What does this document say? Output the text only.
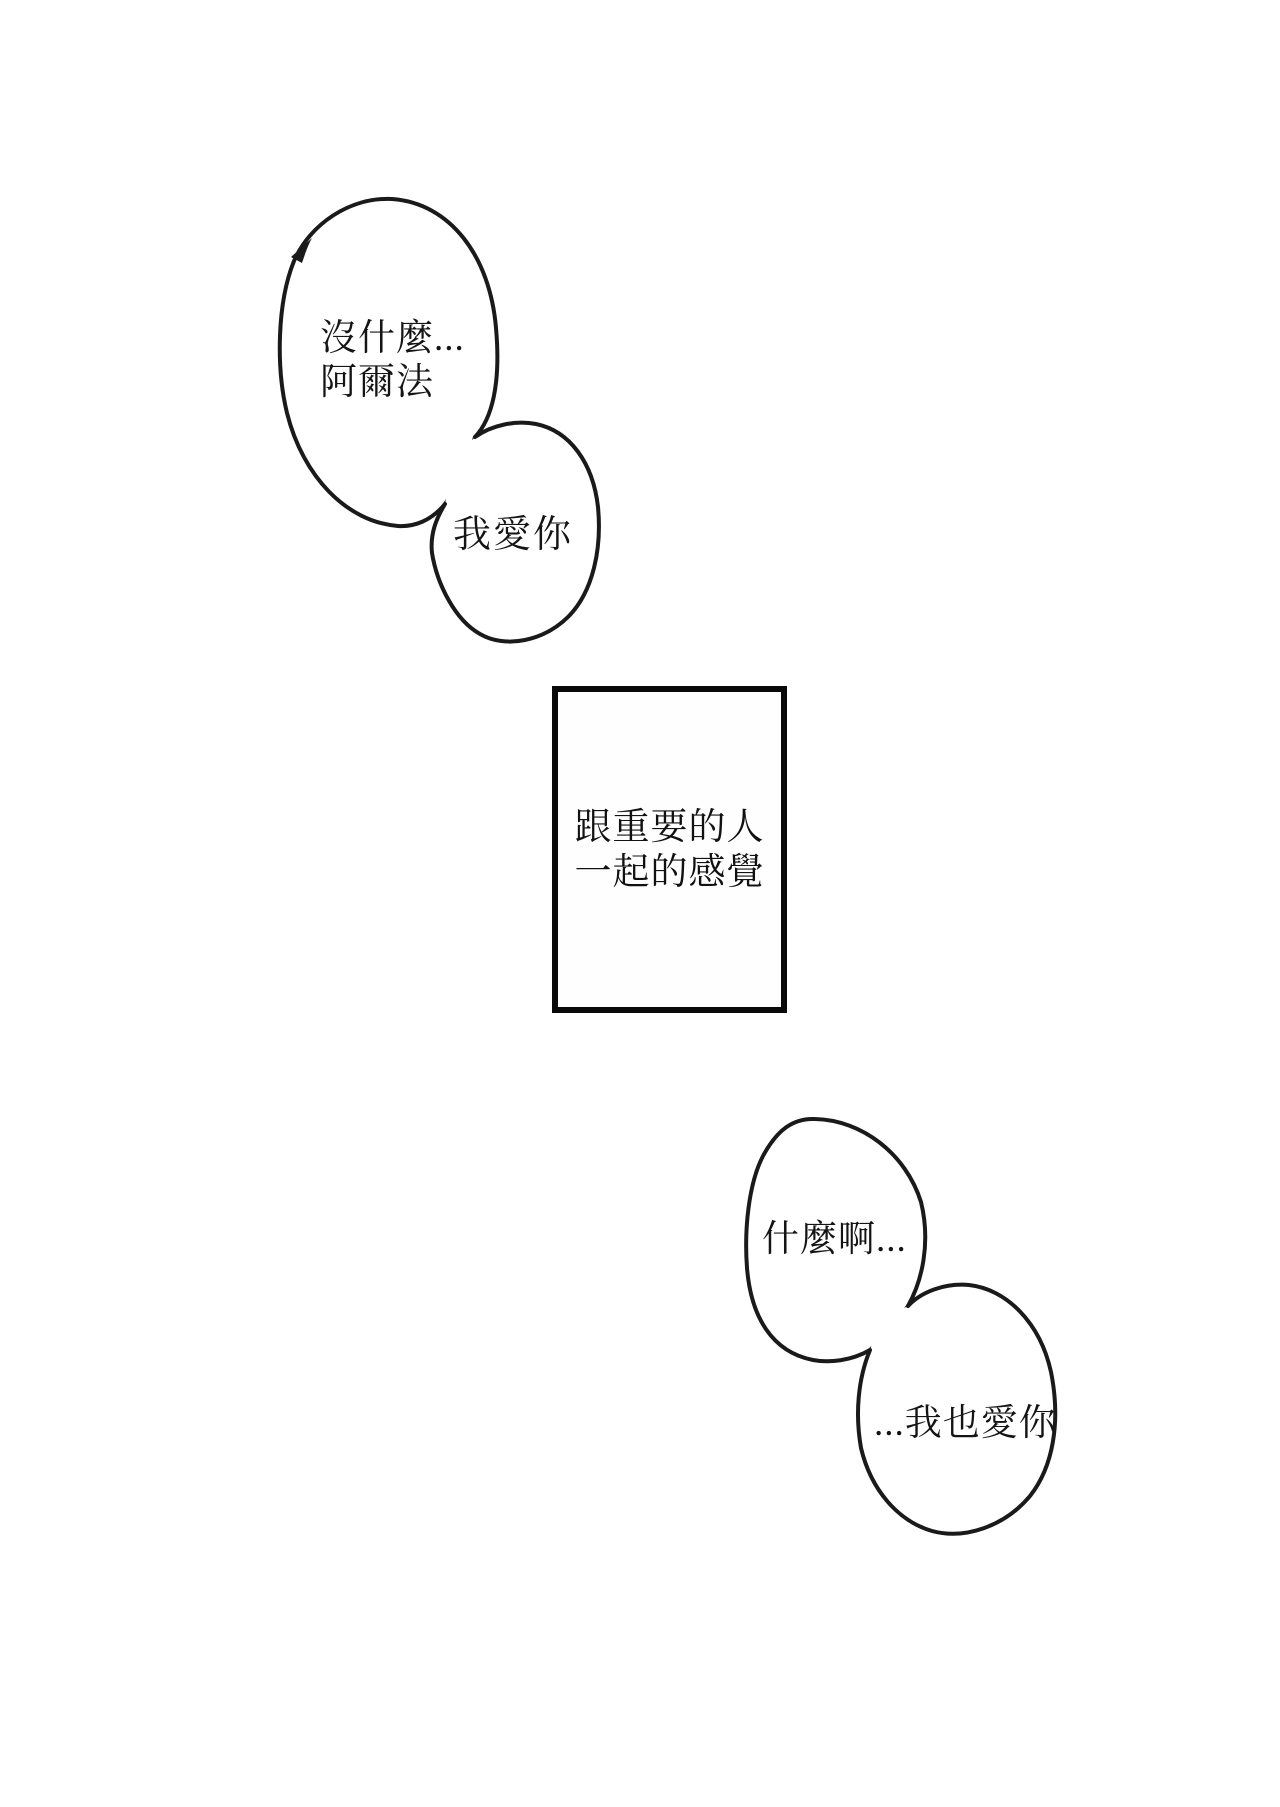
跟重要的人
一起的感覺
沒什麼...
阿爾法
我愛你
什麼啊...
...我也愛你
